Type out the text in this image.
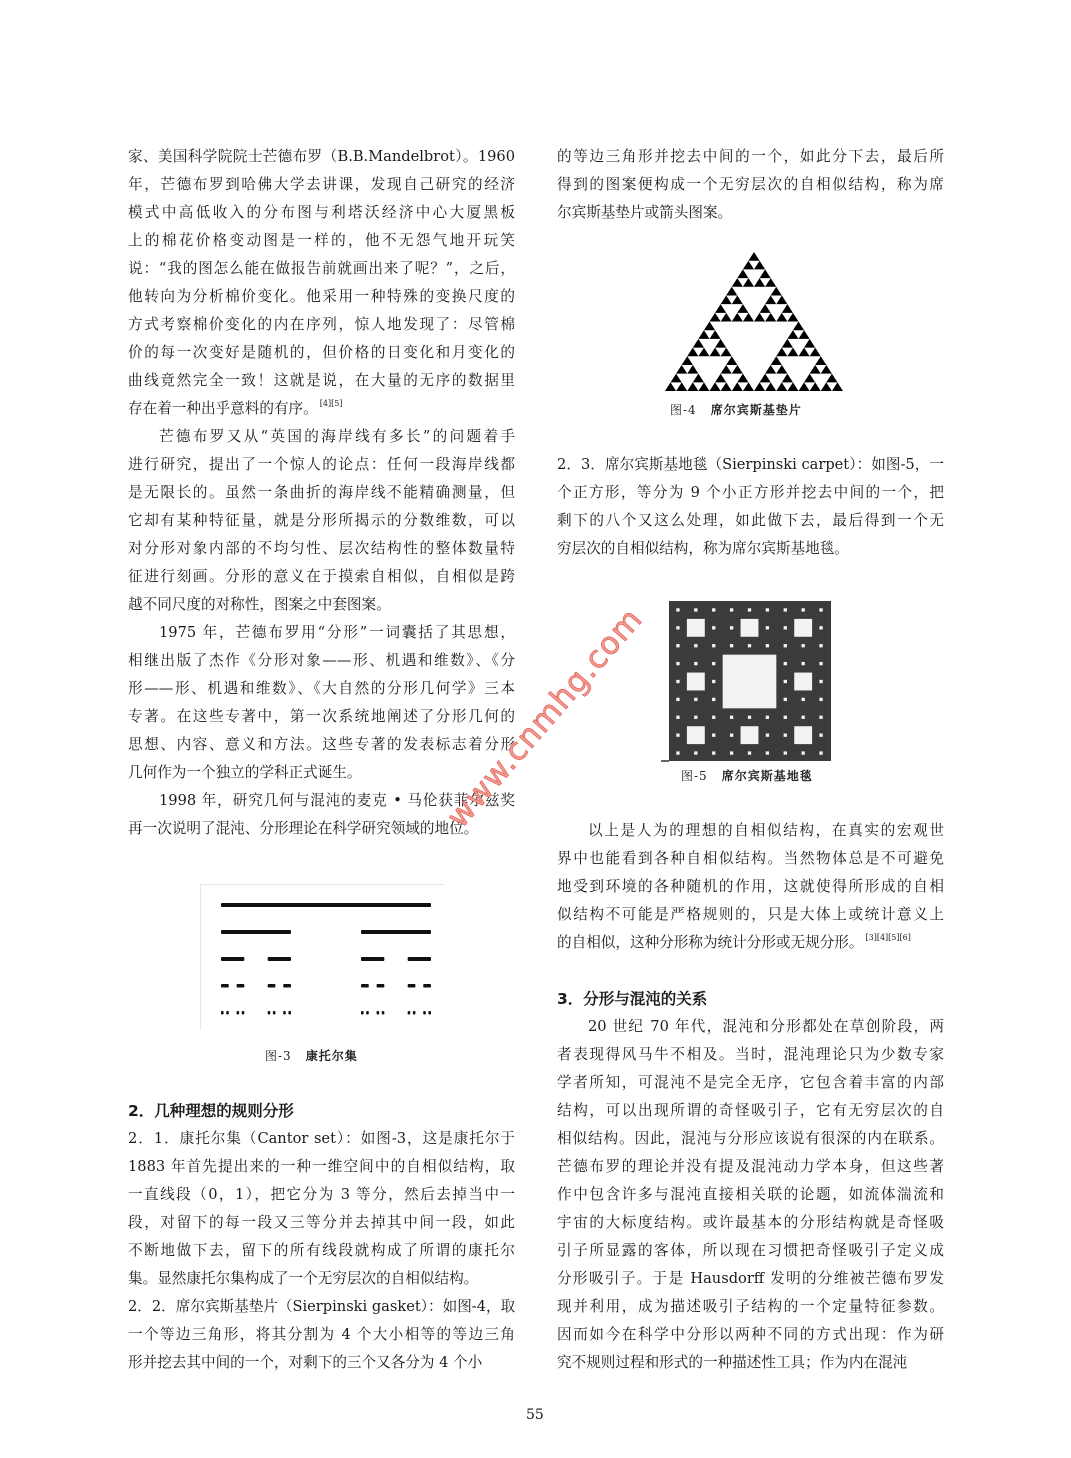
家、美国科学院院士芒德布罗（B.B.Mandelbrot）。1960
年，芒德布罗到哈佛大学去讲课，发现自己研究的经济
模式中高低收入的分布图与利塔沃经济中心大厦黑板
上的棉花价格变动图是一样的，他不无怨气地开玩笑
说：“我的图怎么能在做报告前就画出来了呢？”，之后，
他转向为分析棉价变化。他采用一种特殊的变换尺度的
方式考察棉价变化的内在序列，惊人地发现了：尽管棉
价的每一次变好是随机的，但价格的日变化和月变化的
曲线竟然完全一致！这就是说，在大量的无序的数据里
存在着一种出乎意料的有序。 [4][5]
芒德布罗又从“英国的海岸线有多长”的问题着手
进行研究，提出了一个惊人的论点：任何一段海岸线都
是无限长的。虽然一条曲折的海岸线不能精确测量，但
它却有某种特征量，就是分形所揭示的分数维数，可以
对分形对象内部的不均匀性、层次结构性的整体数量特
征进行刻画。分形的意义在于摸索自相似，自相似是跨
越不同尺度的对称性，图案之中套图案。
1975 年，芒德布罗用“分形”一词囊括了其思想，
相继出版了杰作《分形对象——形、机遇和维数》、《分
形——形、机遇和维数》、《大自然的分形几何学》三本
专著。在这些专著中，第一次系统地阐述了分形几何的
思想、内容、意义和方法。这些专著的发表标志着分形
几何作为一个独立的学科正式诞生。
1998 年，研究几何与混沌的麦克 • 马伦获菲尔兹奖
再一次说明了混沌、分形理论在科学研究领域的地位。
图-3 康托尔集
2．几种理想的规则分形
2．1．康托尔集（Cantor set）：如图-3，这是康托尔于
1883 年首先提出来的一种一维空间中的自相似结构，取
一直线段（0，1），把它分为 3 等分，然后去掉当中一
段，对留下的每一段又三等分并去掉其中间一段，如此
不断地做下去，留下的所有线段就构成了所谓的康托尔
集。显然康托尔集构成了一个无穷层次的自相似结构。
2．2．席尔宾斯基垫片（Sierpinski gasket）：如图-4，取
一个等边三角形，将其分割为 4 个大小相等的等边三角
形并挖去其中间的一个，对剩下的三个又各分为 4 个小
的等边三角形并挖去中间的一个，如此分下去，最后所
得到的图案便构成一个无穷层次的自相似结构，称为席
尔宾斯基垫片或箭头图案。
图-4 席尔宾斯基垫片
2．3．席尔宾斯基地毯（Sierpinski carpet）：如图-5，一
个正方形，等分为 9 个小正方形并挖去中间的一个，把
剩下的八个又这么处理，如此做下去，最后得到一个无
穷层次的自相似结构，称为席尔宾斯基地毯。
图-5 席尔宾斯基地毯
以上是人为的理想的自相似结构，在真实的宏观世
界中也能看到各种自相似结构。当然物体总是不可避免
地受到环境的各种随机的作用，这就使得所形成的自相
似结构不可能是严格规则的，只是大体上或统计意义上
的自相似，这种分形称为统计分形或无规分形。 [3][4][5][6]
3．分形与混沌的关系
20 世纪 70 年代，混沌和分形都处在草创阶段，两
者表现得风马牛不相及。当时，混沌理论只为少数专家
学者所知，可混沌不是完全无序，它包含着丰富的内部
结构，可以出现所谓的奇怪吸引子，它有无穷层次的自
相似结构。因此，混沌与分形应该说有很深的内在联系。
芒德布罗的理论并没有提及混沌动力学本身，但这些著
作中包含许多与混沌直接相关联的论题，如流体湍流和
宇宙的大标度结构。或许最基本的分形结构就是奇怪吸
引子所显露的客体，所以现在习惯把奇怪吸引子定义成
分形吸引子。于是 Hausdorff 发明的分维被芒德布罗发
现并利用，成为描述吸引子结构的一个定量特征参数。
因而如今在科学中分形以两种不同的方式出现：作为研
究不规则过程和形式的一种描述性工具；作为内在混沌
www.cnmhg.com
55
